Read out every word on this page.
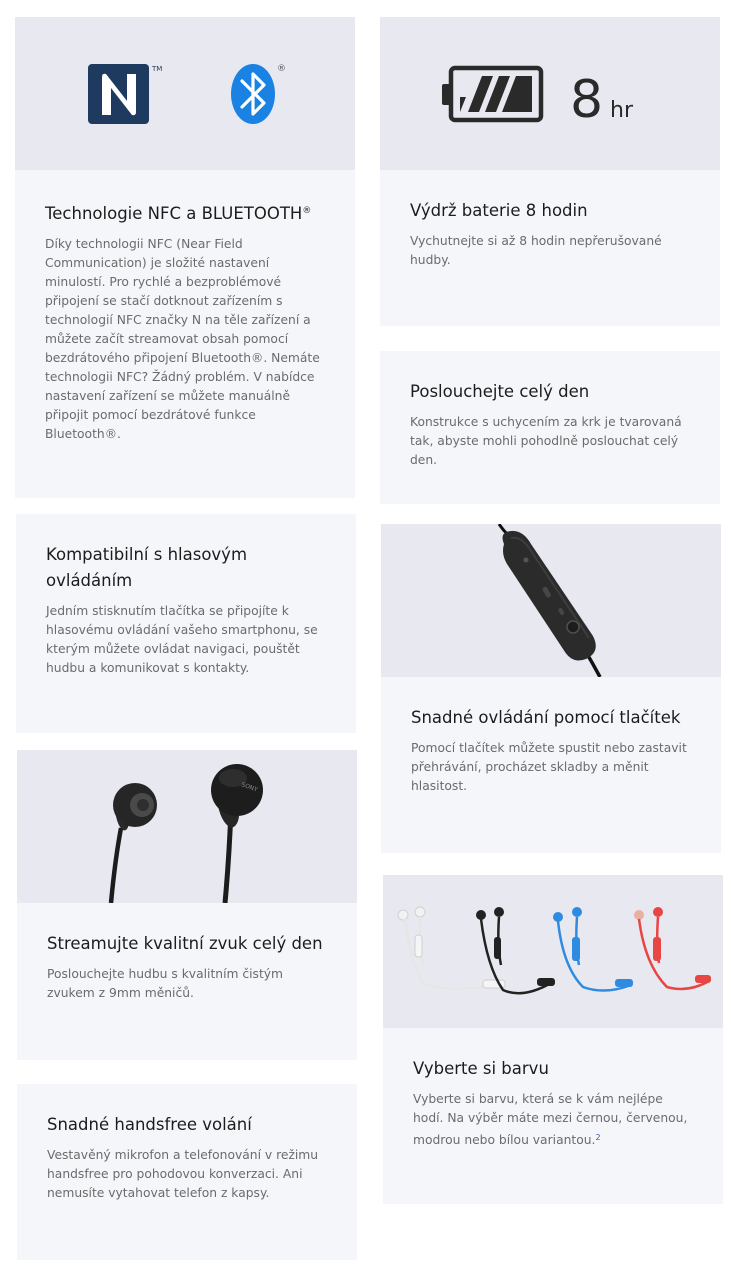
TM	®
Technologie NFC a BLUETOOTH®

Díky technologii NFC (Near Field Communication) je složité nastavení minulostí. Pro rychlé a bezproblémové připojení se stačí dotknout zařízením s technologií NFC značky N na těle zařízení a můžete začít streamovat obsah pomocí bezdrátového připojení Bluetooth®. Nemáte technologii NFC? Žádný problém. V nabídce nastavení zařízení se můžete manuálně připojit pomocí bezdrátové funkce Bluetooth®.

8 hr
Výdrž baterie 8 hodin

Vychutnejte si až 8 hodin nepřerušované hudby.

Poslouchejte celý den

Konstrukce s uchycením za krk je tvarovaná tak, abyste mohli pohodlně poslouchat celý den.

Kompatibilní s hlasovým ovládáním

Jedním stisknutím tlačítka se připojíte k hlasovému ovládání vašeho smartphonu, se kterým můžete ovládat navigaci, pouštět hudbu a komunikovat s kontakty.

Snadné ovládání pomocí tlačítek

Pomocí tlačítek můžete spustit nebo zastavit přehrávání, procházet skladby a měnit hlasitost.

SONY
Streamujte kvalitní zvuk celý den

Poslouchejte hudbu s kvalitním čistým zvukem z 9mm měničů.

Vyberte si barvu

Vyberte si barvu, která se k vám nejlépe hodí. Na výběr máte mezi černou, červenou, modrou nebo bílou variantou.$^2$

Snadné handsfree volání

Vestavěný mikrofon a telefonování v režimu handsfree pro pohodovou konverzaci. Ani nemusíte vytahovat telefon z kapsy.
